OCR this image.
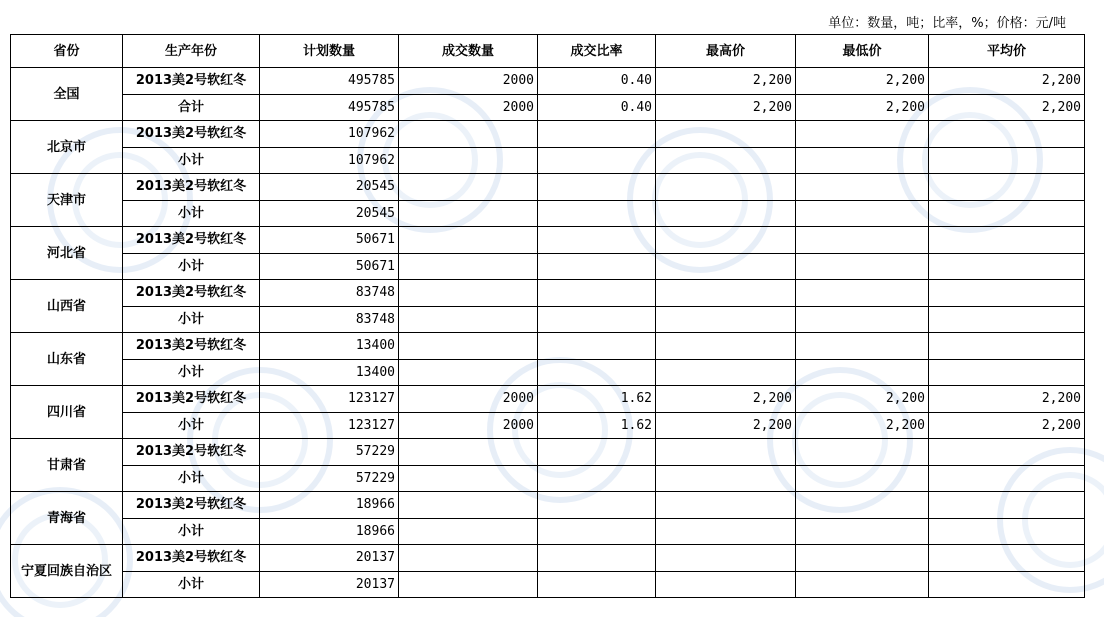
单位：数量，吨；比率，%；价格：元/吨
省份	生产年份	计划数量	成交数量	成交比率	最高价	最低价	平均价
全国	2013美2号软红冬	495785	2000	0.40	2,200	2,200	2,200
	合计	495785	2000	0.40	2,200	2,200	2,200
北京市	2013美2号软红冬	107962					
	小计	107962					
天津市	2013美2号软红冬	20545					
	小计	20545					
河北省	2013美2号软红冬	50671					
	小计	50671					
山西省	2013美2号软红冬	83748					
	小计	83748					
山东省	2013美2号软红冬	13400					
	小计	13400					
四川省	2013美2号软红冬	123127	2000	1.62	2,200	2,200	2,200
	小计	123127	2000	1.62	2,200	2,200	2,200
甘肃省	2013美2号软红冬	57229					
	小计	57229					
青海省	2013美2号软红冬	18966					
	小计	18966					
宁夏回族自治区	2013美2号软红冬	20137					
	小计	20137					
